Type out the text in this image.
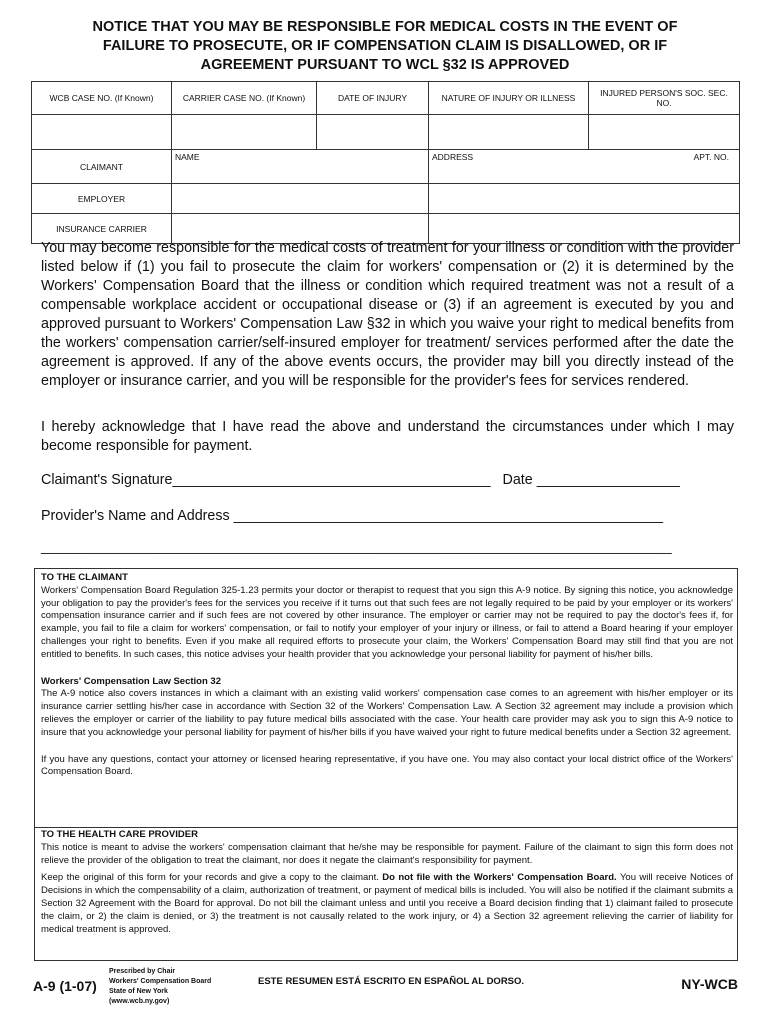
NOTICE THAT YOU MAY BE RESPONSIBLE FOR MEDICAL COSTS IN THE EVENT OF
FAILURE TO PROSECUTE, OR IF COMPENSATION CLAIM IS DISALLOWED, OR IF
AGREEMENT PURSUANT TO WCL §32 IS APPROVED
WCB CASE NO. (If Known)	CARRIER CASE NO. (If Known)	DATE OF INJURY	NATURE OF INJURY OR ILLNESS	INJURED PERSON'S SOC. SEC. NO.

CLAIMANT	NAME		ADDRESS APT. NO.	

EMPLOYER				
INSURANCE CARRIER				
You may become responsible for the medical costs of treatment for your illness or condition with the provider listed below if (1) you fail to prosecute the claim for workers' compensation or (2) it is determined by the Workers' Compensation Board that the illness or condition which required treatment was not a result of a compensable workplace accident or occupational disease or (3) if an agreement is executed by you and approved pursuant to Workers' Compensation Law §32 in which you waive your right to medical benefits from the workers' compensation carrier/self-insured employer for treatment/ services performed after the date the agreement is approved. If any of the above events occurs, the provider may bill you directly instead of the employer or insurance carrier, and you will be responsible for the provider's fees for services rendered.
I hereby acknowledge that I have read the above and understand the circumstances under which I may become responsible for payment.
Claimant's Signature________________________________________ Date __________________
Provider's Name and Address ______________________________________________________
_______________________________________________________________________________
TO THE CLAIMANT
Workers' Compensation Board Regulation 325-1.23 permits your doctor or therapist to request that you sign this A-9 notice. By signing this notice, you acknowledge your obligation to pay the provider's fees for the services you receive if it turns out that such fees are not legally required to be paid by your employer or its workers' compensation insurance carrier and if such fees are not covered by other insurance. The employer or carrier may not be required to pay the doctor's fees if, for example, you fail to file a claim for workers' compensation, or fail to notify your employer of your injury or illness, or fail to attend a Board hearing if your employer challenges your right to benefits. Even if you make all required efforts to prosecute your claim, the Workers' Compensation Board may still find that you are not entitled to benefits. In such cases, this notice advises your health provider that you acknowledge your personal liability for payment of his/her bills.
Workers' Compensation Law Section 32
The A-9 notice also covers instances in which a claimant with an existing valid workers' compensation case comes to an agreement with his/her employer or its insurance carrier settling his/her case in accordance with Section 32 of the Workers' Compensation Law. A Section 32 agreement may include a provision which relieves the employer or carrier of the liability to pay future medical bills associated with the case. Your health care provider may ask you to sign this A-9 notice to insure that you acknowledge your personal liability for payment of his/her bills if you have waived your right to future medical benefits under a Section 32 agreement.
If you have any questions, contact your attorney or licensed hearing representative, if you have one. You may also contact your local district office of the Workers' Compensation Board.
TO THE HEALTH CARE PROVIDER
This notice is meant to advise the workers' compensation claimant that he/she may be responsible for payment. Failure of the claimant to sign this form does not relieve the provider of the obligation to treat the claimant, nor does it negate the claimant's responsibility for payment.
Keep the original of this form for your records and give a copy to the claimant. Do not file with the Workers' Compensation Board. You will receive Notices of Decisions in which the compensability of a claim, authorization of treatment, or payment of medical bills is included. You will also be notified if the claimant submits a Section 32 Agreement with the Board for approval. Do not bill the claimant unless and until you receive a Board decision finding that 1) claimant failed to prosecute the claim, or 2) the claim is denied, or 3) the treatment is not causally related to the work injury, or 4) a Section 32 agreement relieving the carrier of liability for medical treatment is approved.
A-9 (1-07)
Prescribed by Chair
Workers' Compensation Board
State of New York
(www.wcb.ny.gov)
ESTE RESUMEN ESTÁ ESCRITO EN ESPAÑOL AL DORSO.	NY-WCB
